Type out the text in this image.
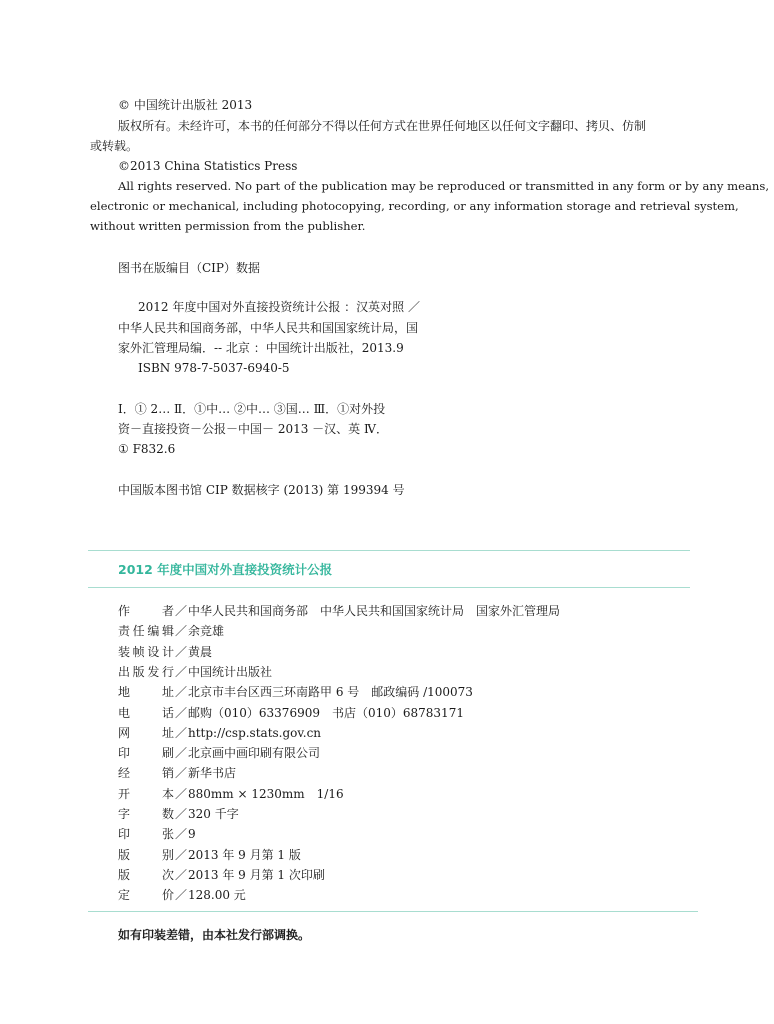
© 中国统计出版社 2013
版权所有。未经许可，本书的任何部分不得以任何方式在世界任何地区以任何文字翻印、拷贝、仿制
或转载。
©2013 China Statistics Press
All rights reserved. No part of the publication may be reproduced or transmitted in any form or by any means,
electronic or mechanical, including photocopying, recording, or any information storage and retrieval system,
without written permission from the publisher.
图书在版编目（CIP）数据
2012 年度中国对外直接投资统计公报 ：汉英对照 ／
中华人民共和国商务部，中华人民共和国国家统计局，国
家外汇管理局编．-- 北京 ：中国统计出版社，2013.9
ISBN 978-7-5037-6940-5
Ⅰ．① 2… Ⅱ．①中… ②中… ③国… Ⅲ．①对外投
资－直接投资－公报－中国－ 2013 －汉、英 Ⅳ．
① F832.6
中国版本图书馆 CIP 数据核字 (2013) 第 199394 号
2012 年度中国对外直接投资统计公报
作　　者／中华人民共和国商务部　中华人民共和国国家统计局　国家外汇管理局
责任编辑／余竞雄
装帧设计／黄晨
出版发行／中国统计出版社
地　　址／北京市丰台区西三环南路甲 6 号　邮政编码 /100073
电　　话／邮购（010）63376909　书店（010）68783171
网　　址／http://csp.stats.gov.cn
印　　刷／北京画中画印刷有限公司
经　　销／新华书店
开　　本／880mm × 1230mm　1/16
字　　数／320 千字
印　　张／9
版　　别／2013 年 9 月第 1 版
版　　次／2013 年 9 月第 1 次印刷
定　　价／128.00 元
如有印装差错，由本社发行部调换。
